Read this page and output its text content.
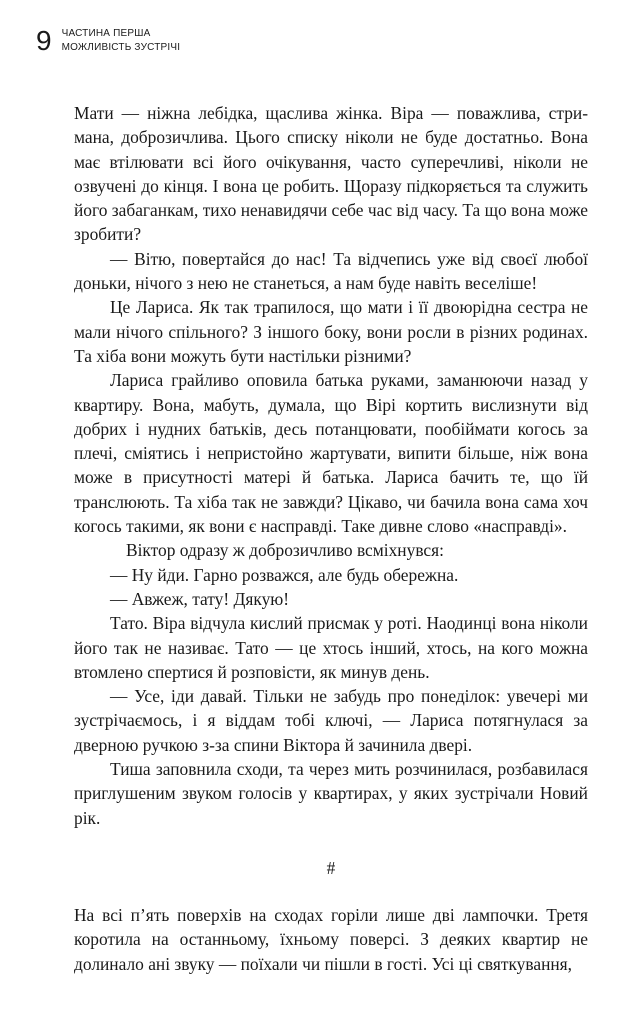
9 ЧАСТИНА ПЕРША
МОЖЛИВІСТЬ ЗУСТРІЧІ

Мати — ніжна лебідка, щаслива жінка. Віра — поважлива, стримана, доброзичлива. Цього списку ніколи не буде достатньо. Вона має втілювати всі його очікування, часто суперечливі, ніколи не озвучені до кінця. І вона це робить. Щоразу підкоряється та служить його забаганкам, тихо ненавидячи себе час від часу. Та що вона може зробити?

— Вітю, повертайся до нас! Та відчепись уже від своєї любої доньки, нічого з нею не станеться, а нам буде навіть веселіше!

Це Лариса. Як так трапилося, що мати і її двоюрідна сестра не мали нічого спільного? З іншого боку, вони росли в різних родинах. Та хіба вони можуть бути настільки різними?

Лариса грайливо оповила батька руками, заманюючи назад у квартиру. Вона, мабуть, думала, що Вірі кортить вислизнути від добрих і нудних батьків, десь потанцювати, пообіймати когось за плечі, сміятись і непристойно жартувати, випити більше, ніж вона може в присутності матері й батька. Лариса бачить те, що їй транслюють. Та хіба так не завжди? Цікаво, чи бачила вона сама хоч когось такими, як вони є насправді. Таке дивне слово «насправді».

Віктор одразу ж доброзичливо всміхнувся:

— Ну йди. Гарно розважся, але будь обережна.

— Авжеж, тату! Дякую!

Тато. Віра відчула кислий присмак у роті. Наодинці вона ніколи його так не називає. Тато — це хтось інший, хтось, на кого можна втомлено спертися й розповісти, як минув день.

— Усе, іди давай. Тільки не забудь про понеділок: увечері ми зустрічаємось, і я віддам тобі ключі, — Лариса потягнулася за дверною ручкою з-за спини Віктора й зачинила двері.

Тиша заповнила сходи, та через мить розчинилася, розбавилася приглушеним звуком голосів у квартирах, у яких зустрічали Новий рік.

#

На всі п’ять поверхів на сходах горіли лише дві лампочки. Третя коротила на останньому, їхньому поверсі. З деяких квартир не долинало ані звуку — поїхали чи пішли в гості. Усі ці святкування,
